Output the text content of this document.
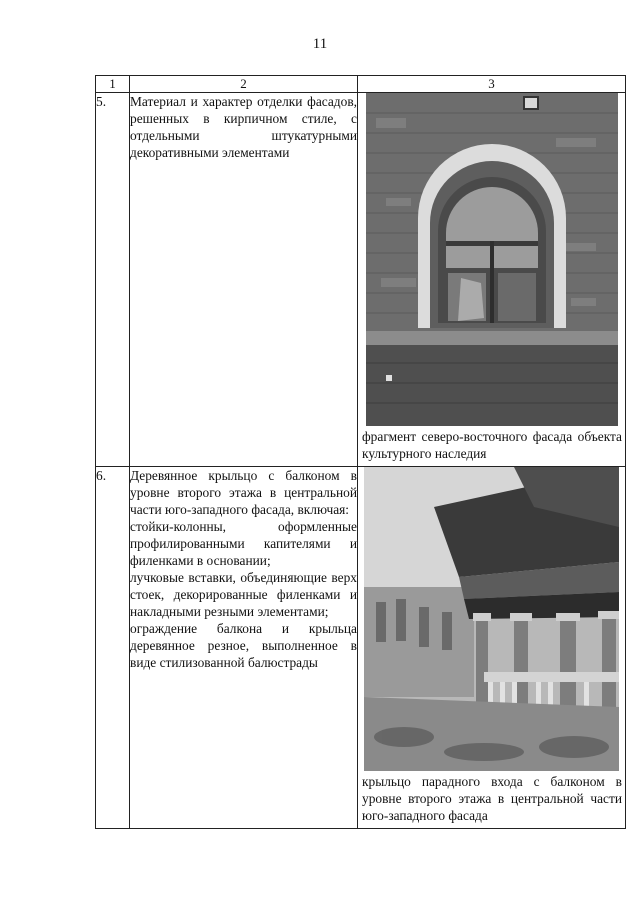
11
1	2	3
5.	Материал и характер отделки фасадов, решенных в кирпичном стиле, с отдельными штукатурными декоративными элементами	фрагмент северо-восточного фасада объекта культурного наследия

6.	Деревянное крыльцо с балконом в уровне второго этажа в центральной части юго-западного фасада, включая:
стойки-колонны, оформленные профилированными капителями и филенками в основании;
лучковые вставки, объединяющие верх стоек, декорированные филенками и накладными резными элементами;
ограждение балкона и крыльца деревянное резное, выполненное в виде стилизованной балюстрады	крыльцо парадного входа с балконом в уровне второго этажа в центральной части юго-западного фасада
